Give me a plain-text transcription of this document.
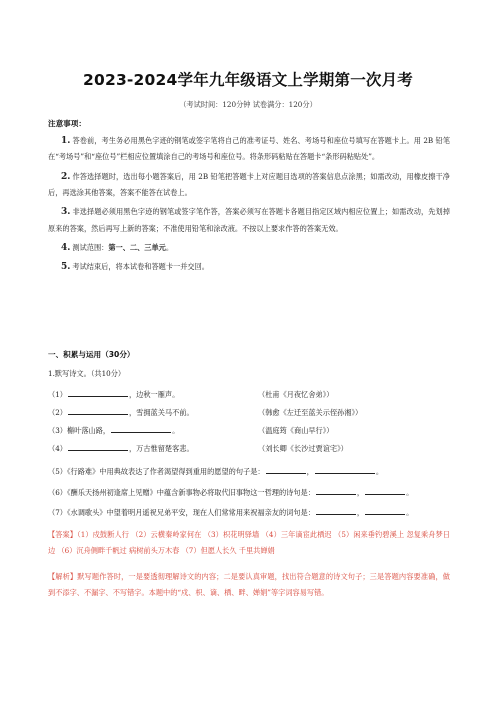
2023-2024学年九年级语文上学期第一次月考
（考试时间：120分钟 试卷满分：120分）
注意事项：

1. 答卷前，考生务必用黑色字迹的钢笔或签字笔将自己的准考证号、姓名、考场号和座位号填写在答题卡上。用 2B 铅笔在“考场号”和“座位号”栏相应位置填涂自己的考场号和座位号。将条形码粘贴在答题卡“条形码粘贴处”。

2. 作答选择题时，选出每小题答案后，用 2B 铅笔把答题卡上对应题目选项的答案信息点涂黑；如需改动，用橡皮擦干净后，再选涂其他答案，答案不能答在试卷上。

3. 非选择题必须用黑色字迹的钢笔或签字笔作答，答案必须写在答题卡各题目指定区域内相应位置上；如需改动，先划掉原来的答案，然后再写上新的答案；不准使用铅笔和涂改液。不按以上要求作答的答案无效。

4. 测试范围：第一、二、三单元。

5. 考试结束后，将本试卷和答题卡一并交回。

一、积累与运用（30分）
1.默写诗文。（共10分）
（1）	，边秋一雁声。	（杜甫《月夜忆舍弟》）
（2）	，雪拥蓝关马不前。	（韩愈《左迁至蓝关示侄孙湘》）
（3）槲叶落山路，	。	（温庭筠《商山早行》）
（4）	，万古惟留楚客悲。	（刘长卿《长沙过贾谊宅》）
（5）《行路难》中用典故表达了作者渴望得到重用的愿望的句子是：	，	。
（6）《酬乐天扬州初逢席上见赠》中蕴含新事物必将取代旧事物这一哲理的诗句是：	，	。
（7）《水调歌头》中望着明月遥祝兄弟平安，现在人们常常用来祝福亲友的词句是：	，	。
【答案】（1）戍鼓断人行 （2）云横秦岭家何在 （3）枳花明驿墙 （4）三年谪宦此栖迟 （5）闲来垂钓碧溪上 忽复乘舟梦日边 （6）沉舟侧畔千帆过 病树前头万木春 （7）但愿人长久 千里共婵娟
【解析】默写题作答时，一是要透彻理解诗文的内容；二是要认真审题，找出符合题意的诗文句子；三是答题内容要准确，做到不添字、不漏字、不写错字。本题中的“戍、枳、谪、栖、畔、婵娟”等字词容易写错。
